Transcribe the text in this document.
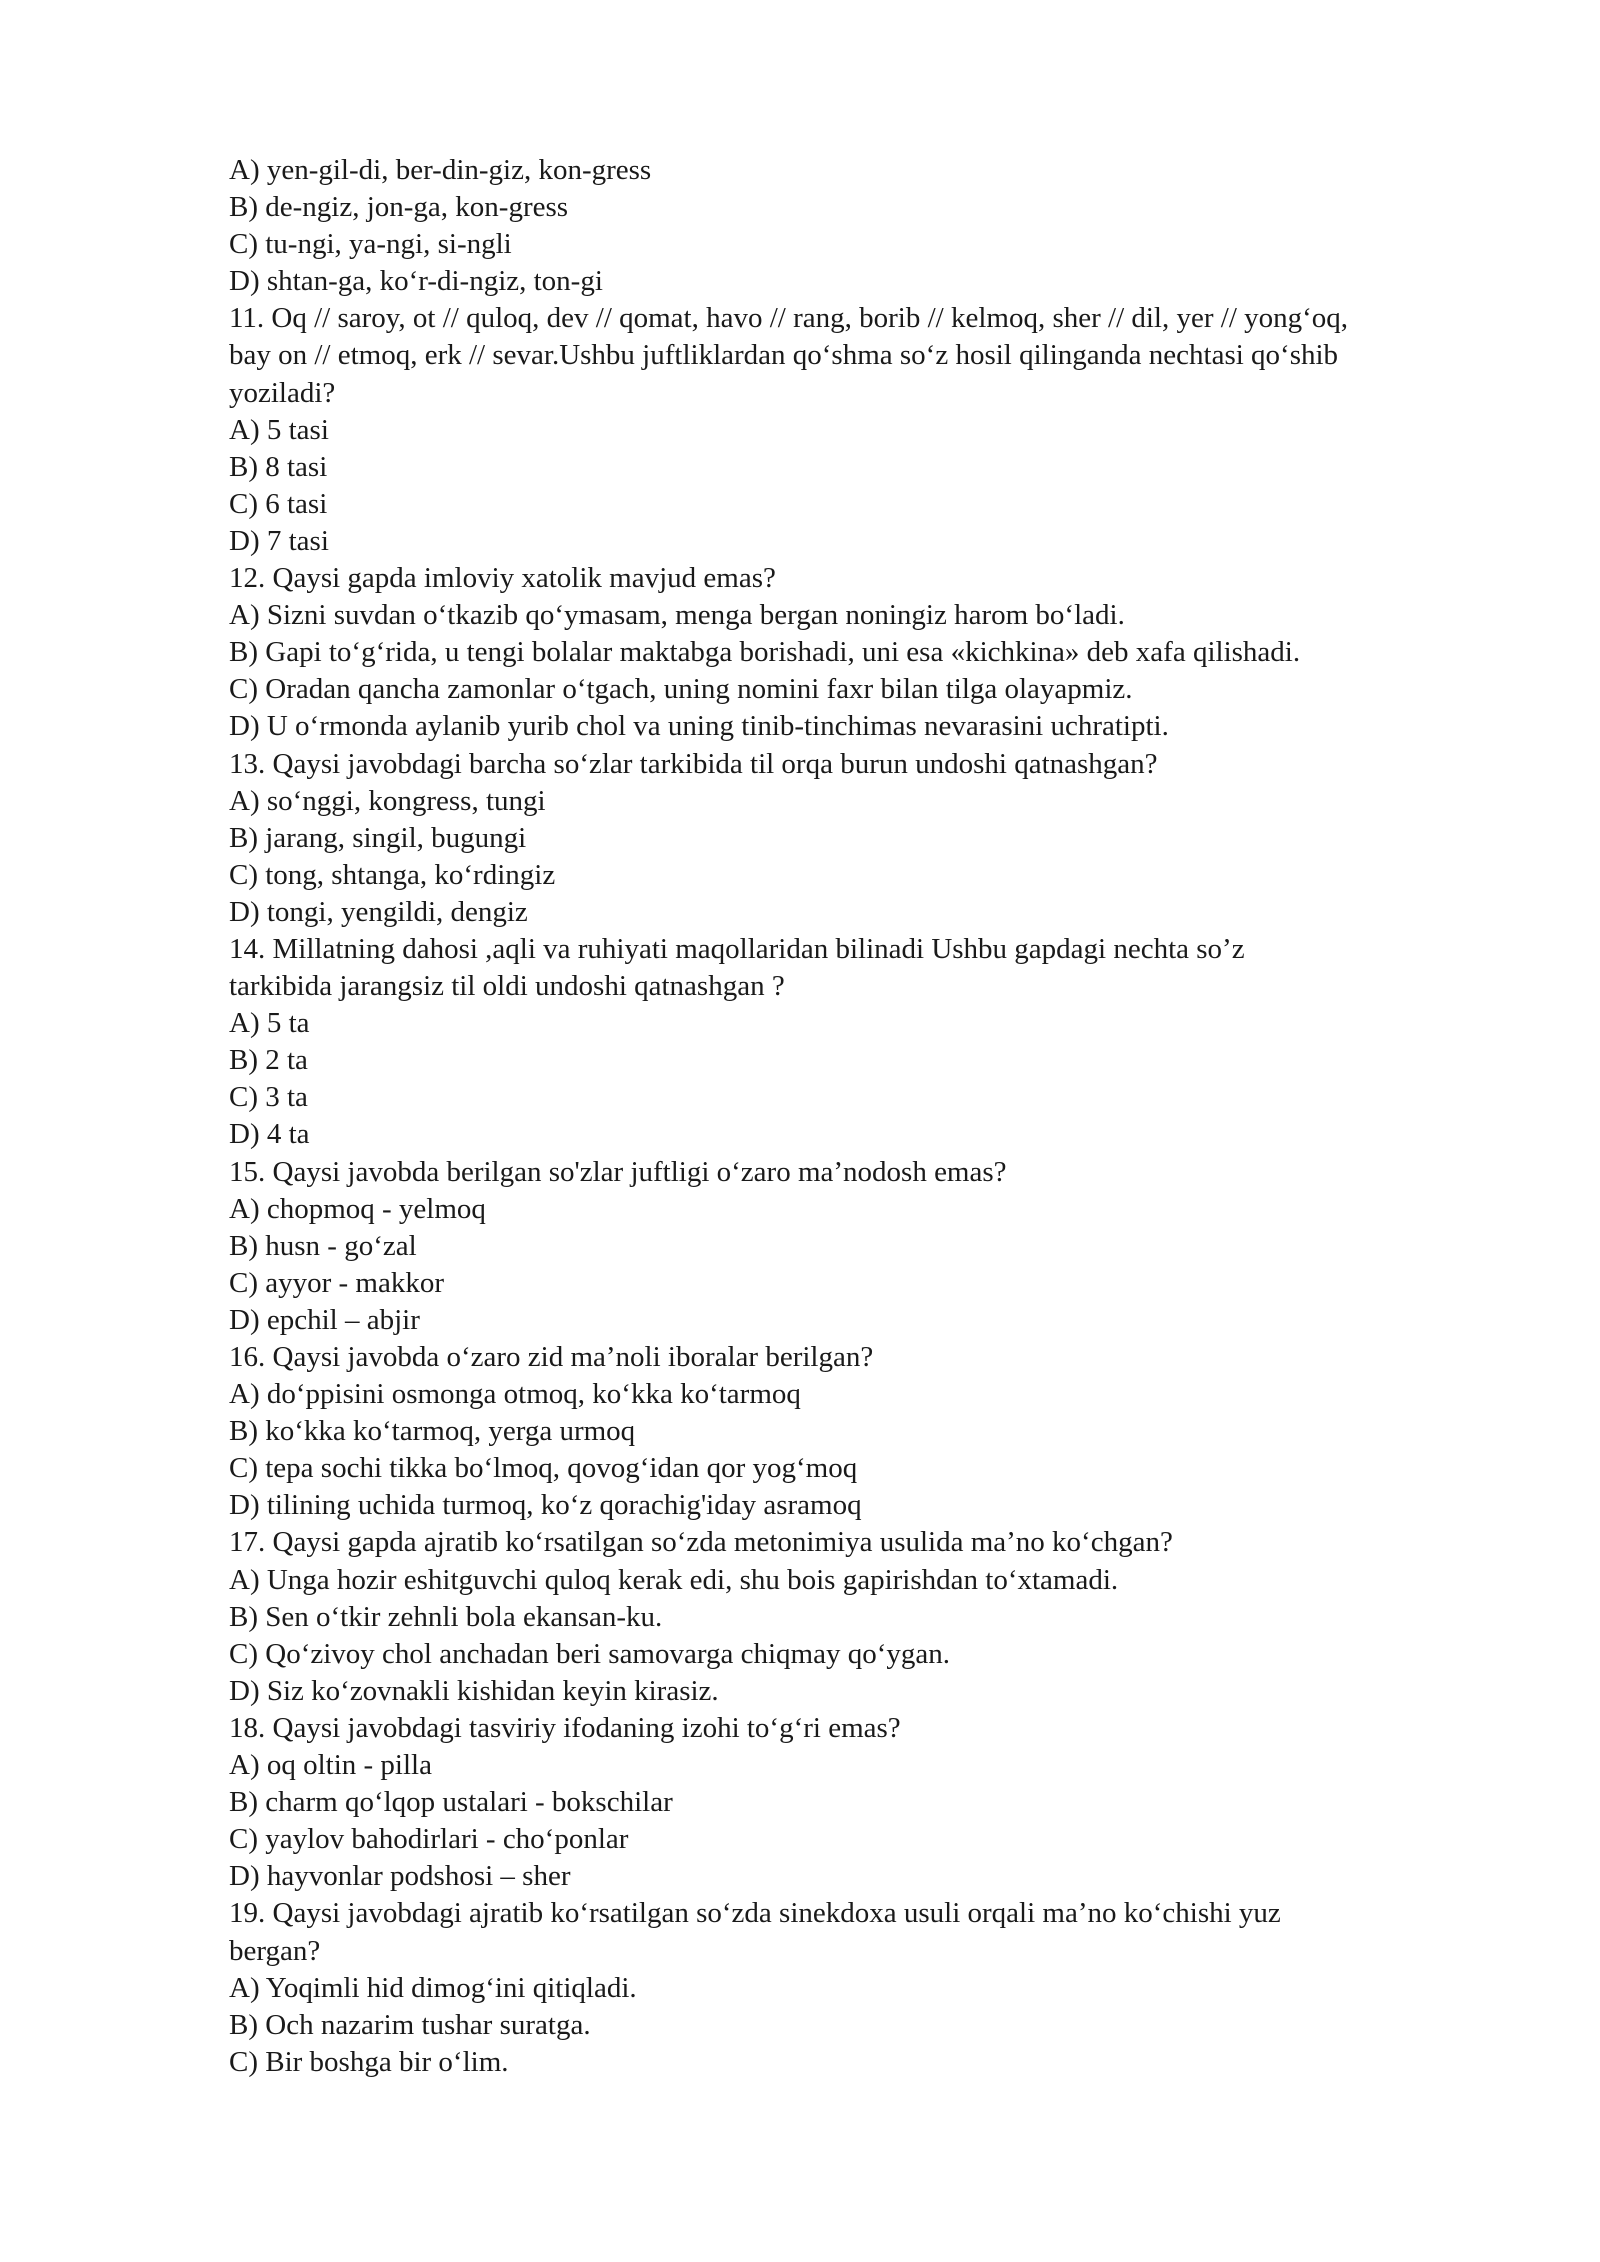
A) yen-gil-di, ber-din-giz, kon-gress

B) de-ngiz, jon-ga, kon-gress

C) tu-ngi, ya-ngi, si-ngli

D) shtan-ga, ko‘r-di-ngiz, ton-gi

11. Oq // saroy, ot // quloq, dev // qomat, havo // rang, borib // kelmoq, sher // dil, yer // yong‘oq,

bay on // etmoq, erk // sevar.Ushbu juftliklardan qo‘shma so‘z hosil qilinganda nechtasi qo‘shib

yoziladi?

A) 5 tasi

B) 8 tasi

C) 6 tasi

D) 7 tasi

12. Qaysi gapda imloviy xatolik mavjud emas?

A) Sizni suvdan o‘tkazib qo‘ymasam, menga bergan noningiz harom bo‘ladi.

B) Gapi to‘g‘rida, u tengi bolalar maktabga borishadi, uni esa «kichkina» deb xafa qilishadi.

C) Oradan qancha zamonlar o‘tgach, uning nomini faxr bilan tilga olayapmiz.

D) U o‘rmonda aylanib yurib chol va uning tinib-tinchimas nevarasini uchratipti.

13. Qaysi javobdagi barcha so‘zlar tarkibida til orqa burun undoshi qatnashgan?

A) so‘nggi, kongress, tungi

B) jarang, singil, bugungi

C) tong, shtanga, ko‘rdingiz

D) tongi, yengildi, dengiz

14. Millatning dahosi ,aqli va ruhiyati maqollaridan bilinadi Ushbu gapdagi nechta so’z

tarkibida jarangsiz til oldi undoshi qatnashgan ?

A) 5 ta

B) 2 ta

C) 3 ta

D) 4 ta

15. Qaysi javobda berilgan so'zlar juftligi o‘zaro ma’nodosh emas?

A) chopmoq - yelmoq

B) husn - go‘zal

C) ayyor - makkor

D) epchil – abjir

16. Qaysi javobda o‘zaro zid ma’noli iboralar berilgan?

A) do‘ppisini osmonga otmoq, ko‘kka ko‘tarmoq

B) ko‘kka ko‘tarmoq, yerga urmoq

C) tepa sochi tikka bo‘lmoq, qovog‘idan qor yog‘moq

D) tilining uchida turmoq, ko‘z qorachig'iday asramoq

17. Qaysi gapda ajratib ko‘rsatilgan so‘zda metonimiya usulida ma’no ko‘chgan?

A) Unga hozir eshitguvchi quloq kerak edi, shu bois gapirishdan to‘xtamadi.

B) Sen o‘tkir zehnli bola ekansan-ku.

C) Qo‘zivoy chol anchadan beri samovarga chiqmay qo‘ygan.

D) Siz ko‘zovnakli kishidan keyin kirasiz.

18. Qaysi javobdagi tasviriy ifodaning izohi to‘g‘ri emas?

A) oq oltin - pilla

B) charm qo‘lqop ustalari - bokschilar

C) yaylov bahodirlari - cho‘ponlar

D) hayvonlar podshosi – sher

19. Qaysi javobdagi ajratib ko‘rsatilgan so‘zda sinekdoxa usuli orqali ma’no ko‘chishi yuz

bergan?

A) Yoqimli hid dimog‘ini qitiqladi.

B) Och nazarim tushar suratga.

C) Bir boshga bir o‘lim.
